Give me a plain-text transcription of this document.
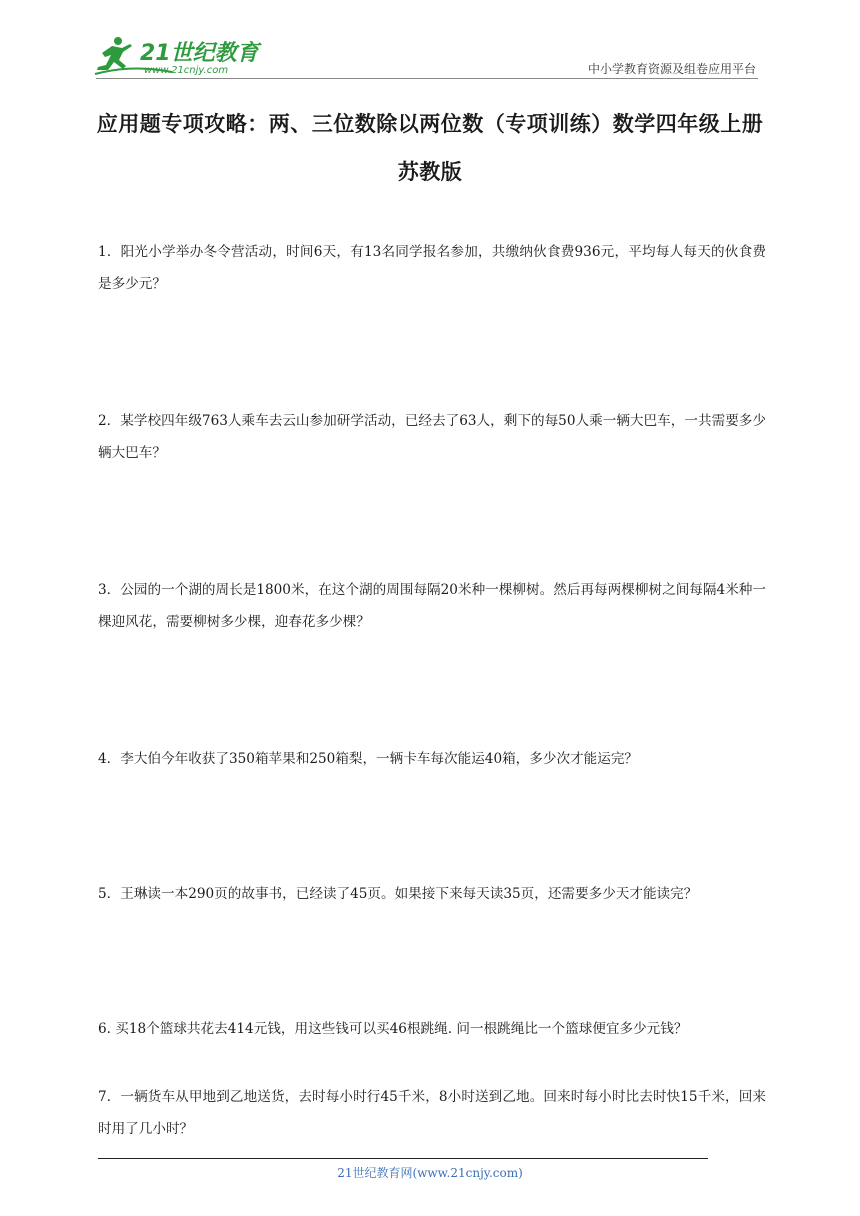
21世纪教育
www.21cnjy.com	中小学教育资源及组卷应用平台
应用题专项攻略：两、三位数除以两位数（专项训练）数学四年级上册苏教版
1．阳光小学举办冬令营活动，时间6天，有13名同学报名参加，共缴纳伙食费936元，平均每人每天的伙食费是多少元？
2．某学校四年级763人乘车去云山参加研学活动，已经去了63人，剩下的每50人乘一辆大巴车，一共需要多少辆大巴车？
3．公园的一个湖的周长是1800米，在这个湖的周围每隔20米种一棵柳树。然后再每两棵柳树之间每隔4米种一棵迎风花，需要柳树多少棵，迎春花多少棵？
4．李大伯今年收获了350箱苹果和250箱梨，一辆卡车每次能运40箱，多少次才能运完？
5．王琳读一本290页的故事书，已经读了45页。如果接下来每天读35页，还需要多少天才能读完？
6. 买18个篮球共花去414元钱，用这些钱可以买46根跳绳. 问一根跳绳比一个篮球便宜多少元钱？
7．一辆货车从甲地到乙地送货，去时每小时行45千米，8小时送到乙地。回来时每小时比去时快15千米，回来时用了几小时？
21世纪教育网(www.21cnjy.com)
